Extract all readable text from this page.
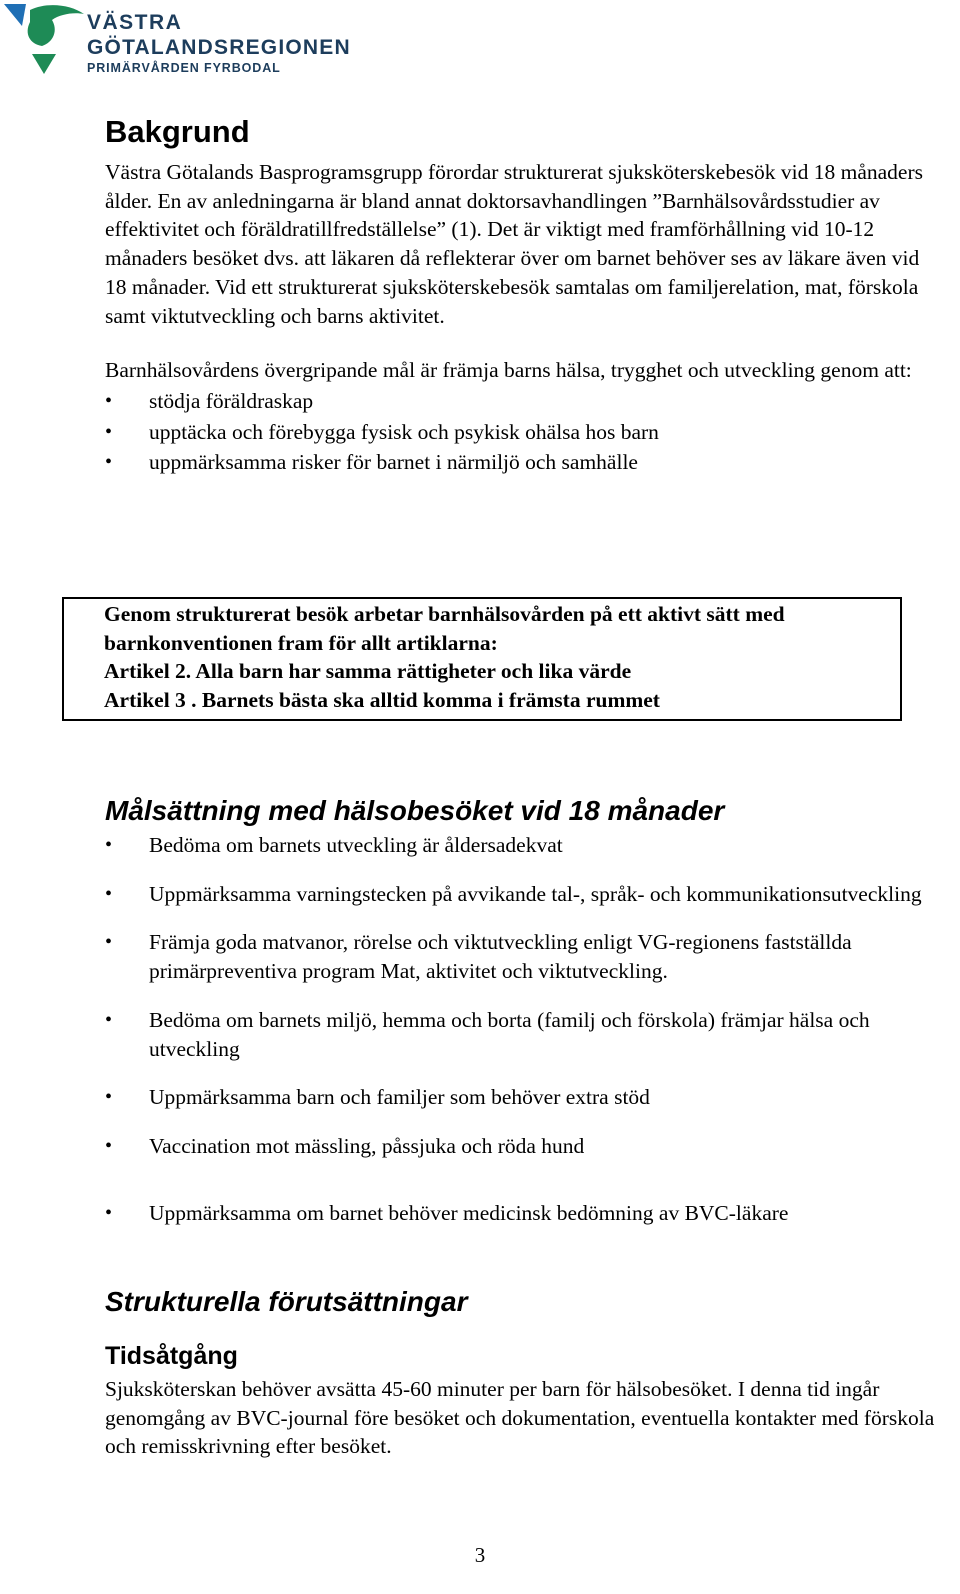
VÄSTRA
GÖTALANDSREGIONEN
PRIMÄRVÅRDEN FYRBODAL
Bakgrund

Västra Götalands Basprogramsgrupp förordar strukturerat sjuksköterskebesök vid 18 månaders ålder. En av anledningarna är bland annat doktorsavhandlingen ”Barnhälsovårdsstudier av effektivitet och föräldratillfredställelse” (1). Det är viktigt med framförhållning vid 10-12 månaders besöket dvs. att läkaren då reflekterar över om barnet behöver ses av läkare även vid 18 månader. Vid ett strukturerat sjuksköterskebesök samtalas om familjerelation, mat, förskola samt viktutveckling och barns aktivitet.

Barnhälsovårdens övergripande mål är främja barns hälsa, trygghet och utveckling genom att:

• stödja föräldraskap
• upptäcka och förebygga fysisk och psykisk ohälsa hos barn
• uppmärksamma risker för barnet i närmiljö och samhälle

Genom strukturerat besök arbetar barnhälsovården på ett aktivt sätt med barnkonventionen fram för allt artiklarna:

Artikel 2. Alla barn har samma rättigheter och lika värde

Artikel 3 . Barnets bästa ska alltid komma i främsta rummet

Målsättning med hälsobesöket vid 18 månader
• Bedöma om barnets utveckling är åldersadekvat
• Uppmärksamma varningstecken på avvikande tal-, språk- och kommunikationsutveckling
• Främja goda matvanor, rörelse och viktutveckling enligt VG-regionens fastställda primärpreventiva program Mat, aktivitet och viktutveckling.
• Bedöma om barnets miljö, hemma och borta (familj och förskola) främjar hälsa och utveckling
• Uppmärksamma barn och familjer som behöver extra stöd
• Vaccination mot mässling, påssjuka och röda hund
• Uppmärksamma om barnet behöver medicinsk bedömning av BVC-läkare
Strukturella förutsättningar
Tidsåtgång

Sjuksköterskan behöver avsätta 45-60 minuter per barn för hälsobesöket. I denna tid ingår genomgång av BVC-journal före besöket och dokumentation, eventuella kontakter med förskola och remisskrivning efter besöket.

3
